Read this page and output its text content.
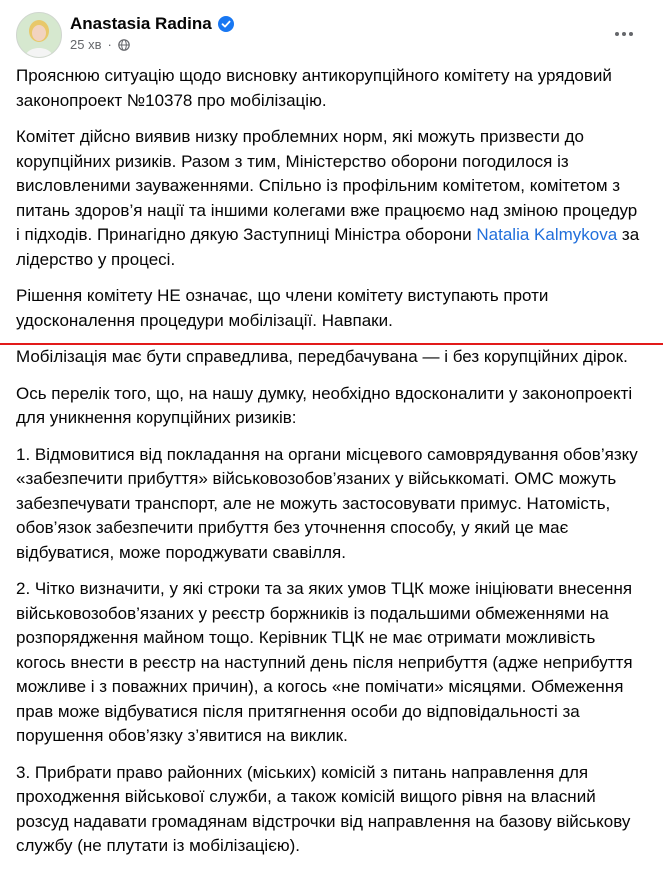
Anastasia Radina
25 хв ·

Прояснюю ситуацію щодо висновку антикорупційного комітету на урядовий законопроект №10378 про мобілізацію.

Комітет дійсно виявив низку проблемних норм, які можуть призвести до корупційних ризиків. Разом з тим, Міністерство оборони погодилося із висловленими зауваженнями. Спільно із профільним комітетом, комітетом з питань здоров’я нації та іншими колегами вже працюємо над зміною процедур і підходів. Принагідно дякую Заступниці Міністра оборони Natalia Kalmykova за лідерство у процесі.

Рішення комітету НЕ означає, що члени комітету виступають проти удосконалення процедури мобілізації. Навпаки.

Мобілізація має бути справедлива, передбачувана — і без корупційних дірок.

Ось перелік того, що, на нашу думку, необхідно вдосконалити у законопроекті для уникнення корупційних ризиків:

1. Відмовитися від покладання на органи місцевого самоврядування обов’язку «забезпечити прибуття» військовозобов’язаних у військкоматі. ОМС можуть забезпечувати транспорт, але не можуть застосовувати примус. Натомість, обов’язок забезпечити прибуття без уточнення способу, у який це має відбуватися, може породжувати свавілля.

2. Чітко визначити, у які строки та за яких умов ТЦК може ініціювати внесення військовозобов’язаних у реєстр боржників із подальшими обмеженнями на розпорядження майном тощо. Керівник ТЦК не має отримати можливість когось внести в реєстр на наступний день після неприбуття (адже неприбуття можливе і з поважних причин), а когось «не помічати» місяцями. Обмеження прав може відбуватися після притягнення особи до відповідальності за порушення обов’язку з’явитися на виклик.

3. Прибрати право районних (міських) комісій з питань направлення для проходження військової служби, а також комісій вищого рівня на власний розсуд надавати громадянам відстрочки від направлення на базову військову службу (не плутати із мобілізацією).
